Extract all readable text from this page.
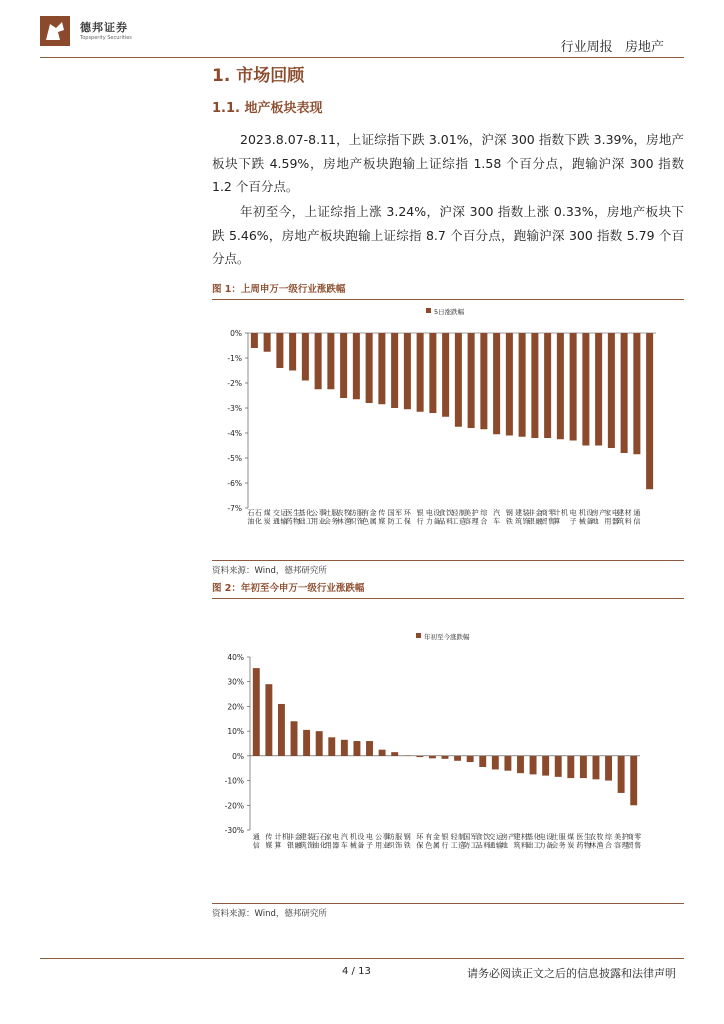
德邦证券
Topsperity Securities
行业周报 房地产
1. 市场回顾
1.1. 地产板块表现

2023.8.07-8.11，上证综指下跌 3.01%，沪深 300 指数下跌 3.39%，房地产板块下跌 4.59%，房地产板块跑输上证综指 1.58 个百分点，跑输沪深 300 指数 1.2 个百分点。

年初至今，上证综指上涨 3.24%，沪深 300 指数上涨 0.33%，房地产板块下跌 5.46%，房地产板块跑输上证综指 8.7 个百分点，跑输沪深 300 指数 5.79 个百分点。

图 1：上周申万一级行业涨跌幅
5日涨跌幅
0%
-1%
-2%
-3%
-4%
-5%
-6%
-7% 石油石化
煤炭
交通运输
医药生物
基础化工
公用事业
社会服务
农林牧渔
纺织服饰
有色金属
传媒
国防军工
环保
银行
电力设备
食品饮料
轻工制造
美容护理
综合
汽车
钢铁
建筑装饰
非银金融
商贸零售
计算机 电子
机械设备
房地产
家用电器
建筑材料
通信
资料来源：Wind，德邦研究所
图 2：年初至今申万一级行业涨跌幅
年初至今涨跌幅
40%
30%
20%
10%
0%
-10%
-20%
-30%
通信
传媒
计算机
非银金融
建筑装饰
石油石化
家用电器
汽车
机械设备
电子
公用事业
纺织服饰
钢铁
环保
有色金属
银行
轻工制造
国防军工
食品饮料
交通运输
房地产
建筑材料
基础化工
电力设备
社会服务
煤炭
医药生物
农林牧渔
综合
美容护理
商贸零售
资料来源：Wind，德邦研究所
4 / 13	请务必阅读正文之后的信息披露和法律声明
